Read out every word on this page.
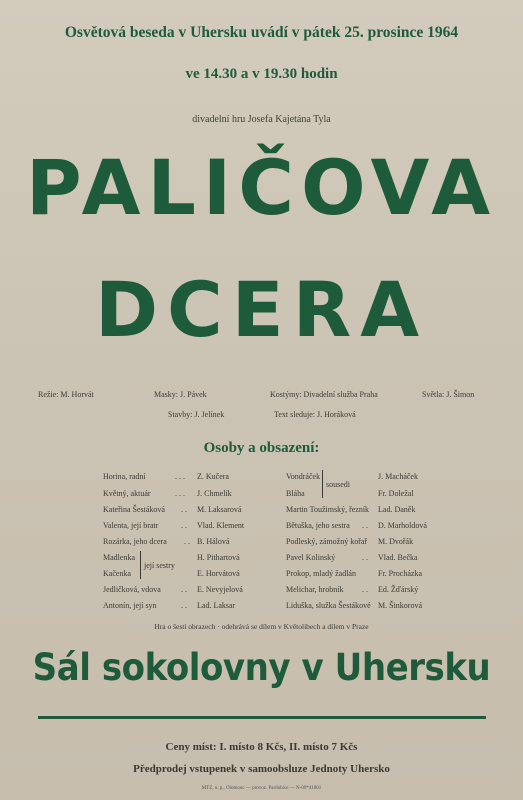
Osvětová beseda v Uhersku uvádí v pátek 25. prosince 1964
ve 14.30 a v 19.30 hodin
divadelní hru Josefa Kajetána Tyla
PALIČOVA
DCERA
Režie: M. Horvát	Masky: J. Pávek	Kostýmy: Divadelní služba Praha	Světla: J. Šimon
Stavby: J. Jelínek	Text sleduje: J. Horáková
Osoby a obsazení:
Horina, radní	. . . Z. Kučera
Květný, aktuár	. . . J. Chmelík
Kateřina Šestáková . . M. Laksarová
Valenta, její bratr	. . Vlad. Klement
Rozárka, jeho dcera . . B. Hálová
Madlenka	H. Pithartová
Kačenka	E. Horvátová
její sestry
Jedličková, vdova	. . E. Nevyjelová
Antonín, její syn	. . Lad. Laksar
Vondráček	J. Macháček
Bláha	Fr. Doležal
sousedi
Martin Toužimský, řezník Lad. Daněk
Bětuška, jeho sestra . . D. Marholdová
Podleský, zámožný kořař M. Dvořák
Pavel Kolinský	. . Vlad. Bečka
Prokop, mladý žadlán	Fr. Procházka
Melichar, hrobník . . Ed. Žďárský
Liduška, služka Šestákové M. Šinkorová
Hra o šesti obrazech · odehrává se dílem v Květolibech a dílem v Praze
Sál sokolovny v Uhersku
Ceny míst: I. místo 8 Kčs, II. místo 7 Kčs
Předprodej vstupenek v samoobsluze Jednoty Uhersko
MTZ, n. p., Olomouc — provoz. Pardubice — N-09*41001
